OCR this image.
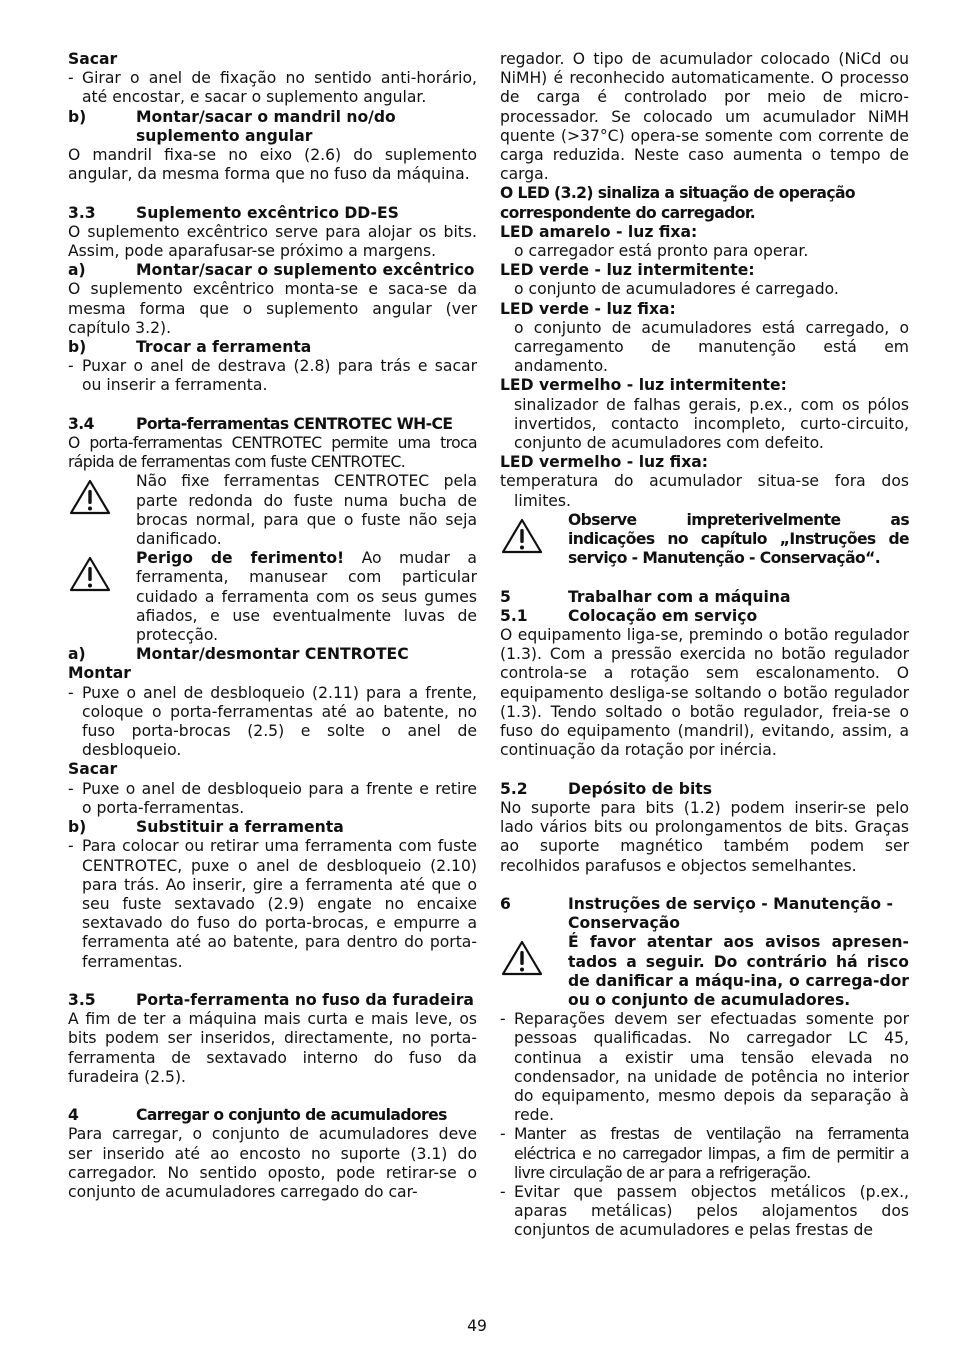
Sacar

- Girar o anel de fixação no sentido anti-horário, até encostar, e sacar o suplemento angular.
b)	Montar/sacar o mandril no/do suplemento angular

O mandril fixa-se no eixo (2.6) do suplemento angular, da mesma forma que no fuso da máquina.

3.3	Suplemento excêntrico DD-ES

O suplemento excêntrico serve para alojar os bits. Assim, pode aparafusar-se próximo a margens.

a)	Montar/sacar o suplemento excêntrico

O suplemento excêntrico monta-se e saca-se da mesma forma que o suplemento angular (ver capítulo 3.2).

b)	Trocar a ferramenta
- Puxar o anel de destrava (2.8) para trás e sacar ou inserir a ferramenta.
3.4	Porta-ferramentas CENTROTEC WH-CE

O porta-ferramentas CENTROTEC permite uma troca rápida de ferramentas com fuste CENTROTEC.

Não fixe ferramentas CENTROTEC pela parte redonda do fuste numa bucha de brocas normal, para que o fuste não seja danificado.
Perigo de ferimento! Ao mudar a ferramenta, manusear com particular cuidado a ferramenta com os seus gumes afiados, e use eventualmente luvas de protecção.
a)	Montar/desmontar CENTROTEC

Montar

- Puxe o anel de desbloqueio (2.11) para a frente, coloque o porta-ferramentas até ao batente, no fuso porta-brocas (2.5) e solte o anel de desbloqueio.

Sacar

- Puxe o anel de desbloqueio para a frente e retire o porta-ferramentas.
b)	Substituir a ferramenta
- Para colocar ou retirar uma ferramenta com fuste CENTROTEC, puxe o anel de desbloqueio (2.10) para trás. Ao inserir, gire a ferramenta até que o seu fuste sextavado (2.9) engate no encaixe sextavado do fuso do porta-brocas, e empurre a ferramenta até ao batente, para dentro do porta-ferramentas.
3.5	Porta-ferramenta no fuso da furadeira

A fim de ter a máquina mais curta e mais leve, os bits podem ser inseridos, directamente, no porta-ferramenta de sextavado interno do fuso da furadeira (2.5).

4	Carregar o conjunto de acumuladores

Para carregar, o conjunto de acumuladores deve ser inserido até ao encosto no suporte (3.1) do carregador. No sentido oposto, pode retirar-se o conjunto de acumuladores carregado do car-

regador. O tipo de acumulador colocado (NiCd ou NiMH) é reconhecido automaticamente. O processo de carga é controlado por meio de micro-processador. Se colocado um acumulador NiMH quente (>37°C) opera-se somente com corrente de carga reduzida. Neste caso aumenta o tempo de carga.

O LED (3.2) sinaliza a situação de operação correspondente do carregador.

LED amarelo - luz fixa:

o carregador está pronto para operar.

LED verde - luz intermitente:

o conjunto de acumuladores é carregado.

LED verde - luz fixa:

o conjunto de acumuladores está carregado, o carregamento de manutenção está em andamento.

LED vermelho - luz intermitente:

sinalizador de falhas gerais, p.ex., com os pólos invertidos, contacto incompleto, curto-circuito, conjunto de acumuladores com defeito.

LED vermelho - luz fixa:

temperatura do acumulador situa-se fora dos limites.

Observe impreterivelmente as indicações no capítulo „Instruções de serviço - Manutenção - Conservação“.
5	Trabalhar com a máquina
5.1	Colocação em serviço

O equipamento liga-se, premindo o botão regulador (1.3). Com a pressão exercida no botão regulador controla-se a rotação sem escalonamento. O equipamento desliga-se soltando o botão regulador (1.3). Tendo soltado o botão regulador, freia-se o fuso do equipamento (mandril), evitando, assim, a continuação da rotação por inércia.

5.2	Depósito de bits

No suporte para bits (1.2) podem inserir-se pelo lado vários bits ou prolongamentos de bits. Graças ao suporte magnético também podem ser recolhidos parafusos e objectos semelhantes.

6	Instruções de serviço - Manutenção - Conservação
É favor atentar aos avisos apresen-tados a seguir. Do contrário há risco de danificar a máqu-ina, o carrega-dor ou o conjunto de acumuladores.
- Reparações devem ser efectuadas somente por pessoas qualificadas. No carregador LC 45, continua a existir uma tensão elevada no condensador, na unidade de potência no interior do equipamento, mesmo depois da separação à rede.
- Manter as frestas de ventilação na ferramenta eléctrica e no carregador limpas, a fim de permitir a livre circulação de ar para a refrigeração.
- Evitar que passem objectos metálicos (p.ex., aparas metálicas) pelos alojamentos dos conjuntos de acumuladores e pelas frestas de
49
